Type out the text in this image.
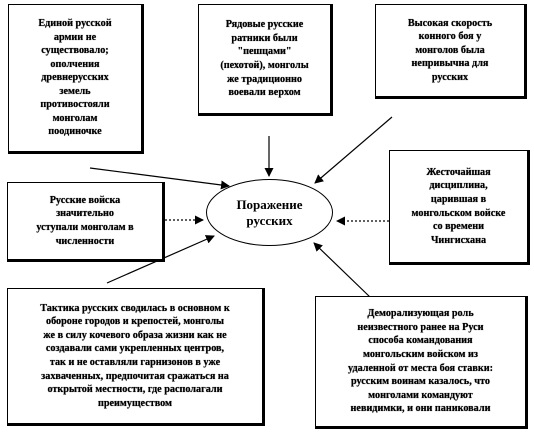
Единой русской
армии не
существовало;
ополчения
древнерусских
земель
противостояли
монголам
поодиночке
Рядовые русские
ратники были
"пешцами"
(пехотой), монголы
же традиционно
воевали верхом
Высокая скорость
конного боя у
монголов была
непривычна для
русских
Русские войска
значительно
уступали монголам в
численности
Жесточайшая
дисциплина,
царившая в
монгольском войске
со времени
Чингисхана
Тактика русских сводилась в основном к
обороне городов и крепостей, монголы
же в силу кочевого образа жизни как не
создавали сами укрепленных центров,
так и не оставляли гарнизонов в уже
захваченных, предпочитая сражаться на
открытой местности, где располагали
преимуществом
Деморализующая роль
неизвестного ранее на Руси
способа командования
монгольским войском из
удаленной от места боя ставки:
русским воинам казалось, что
монголами командуют
невидимки, и они паниковали
Поражение
русских
